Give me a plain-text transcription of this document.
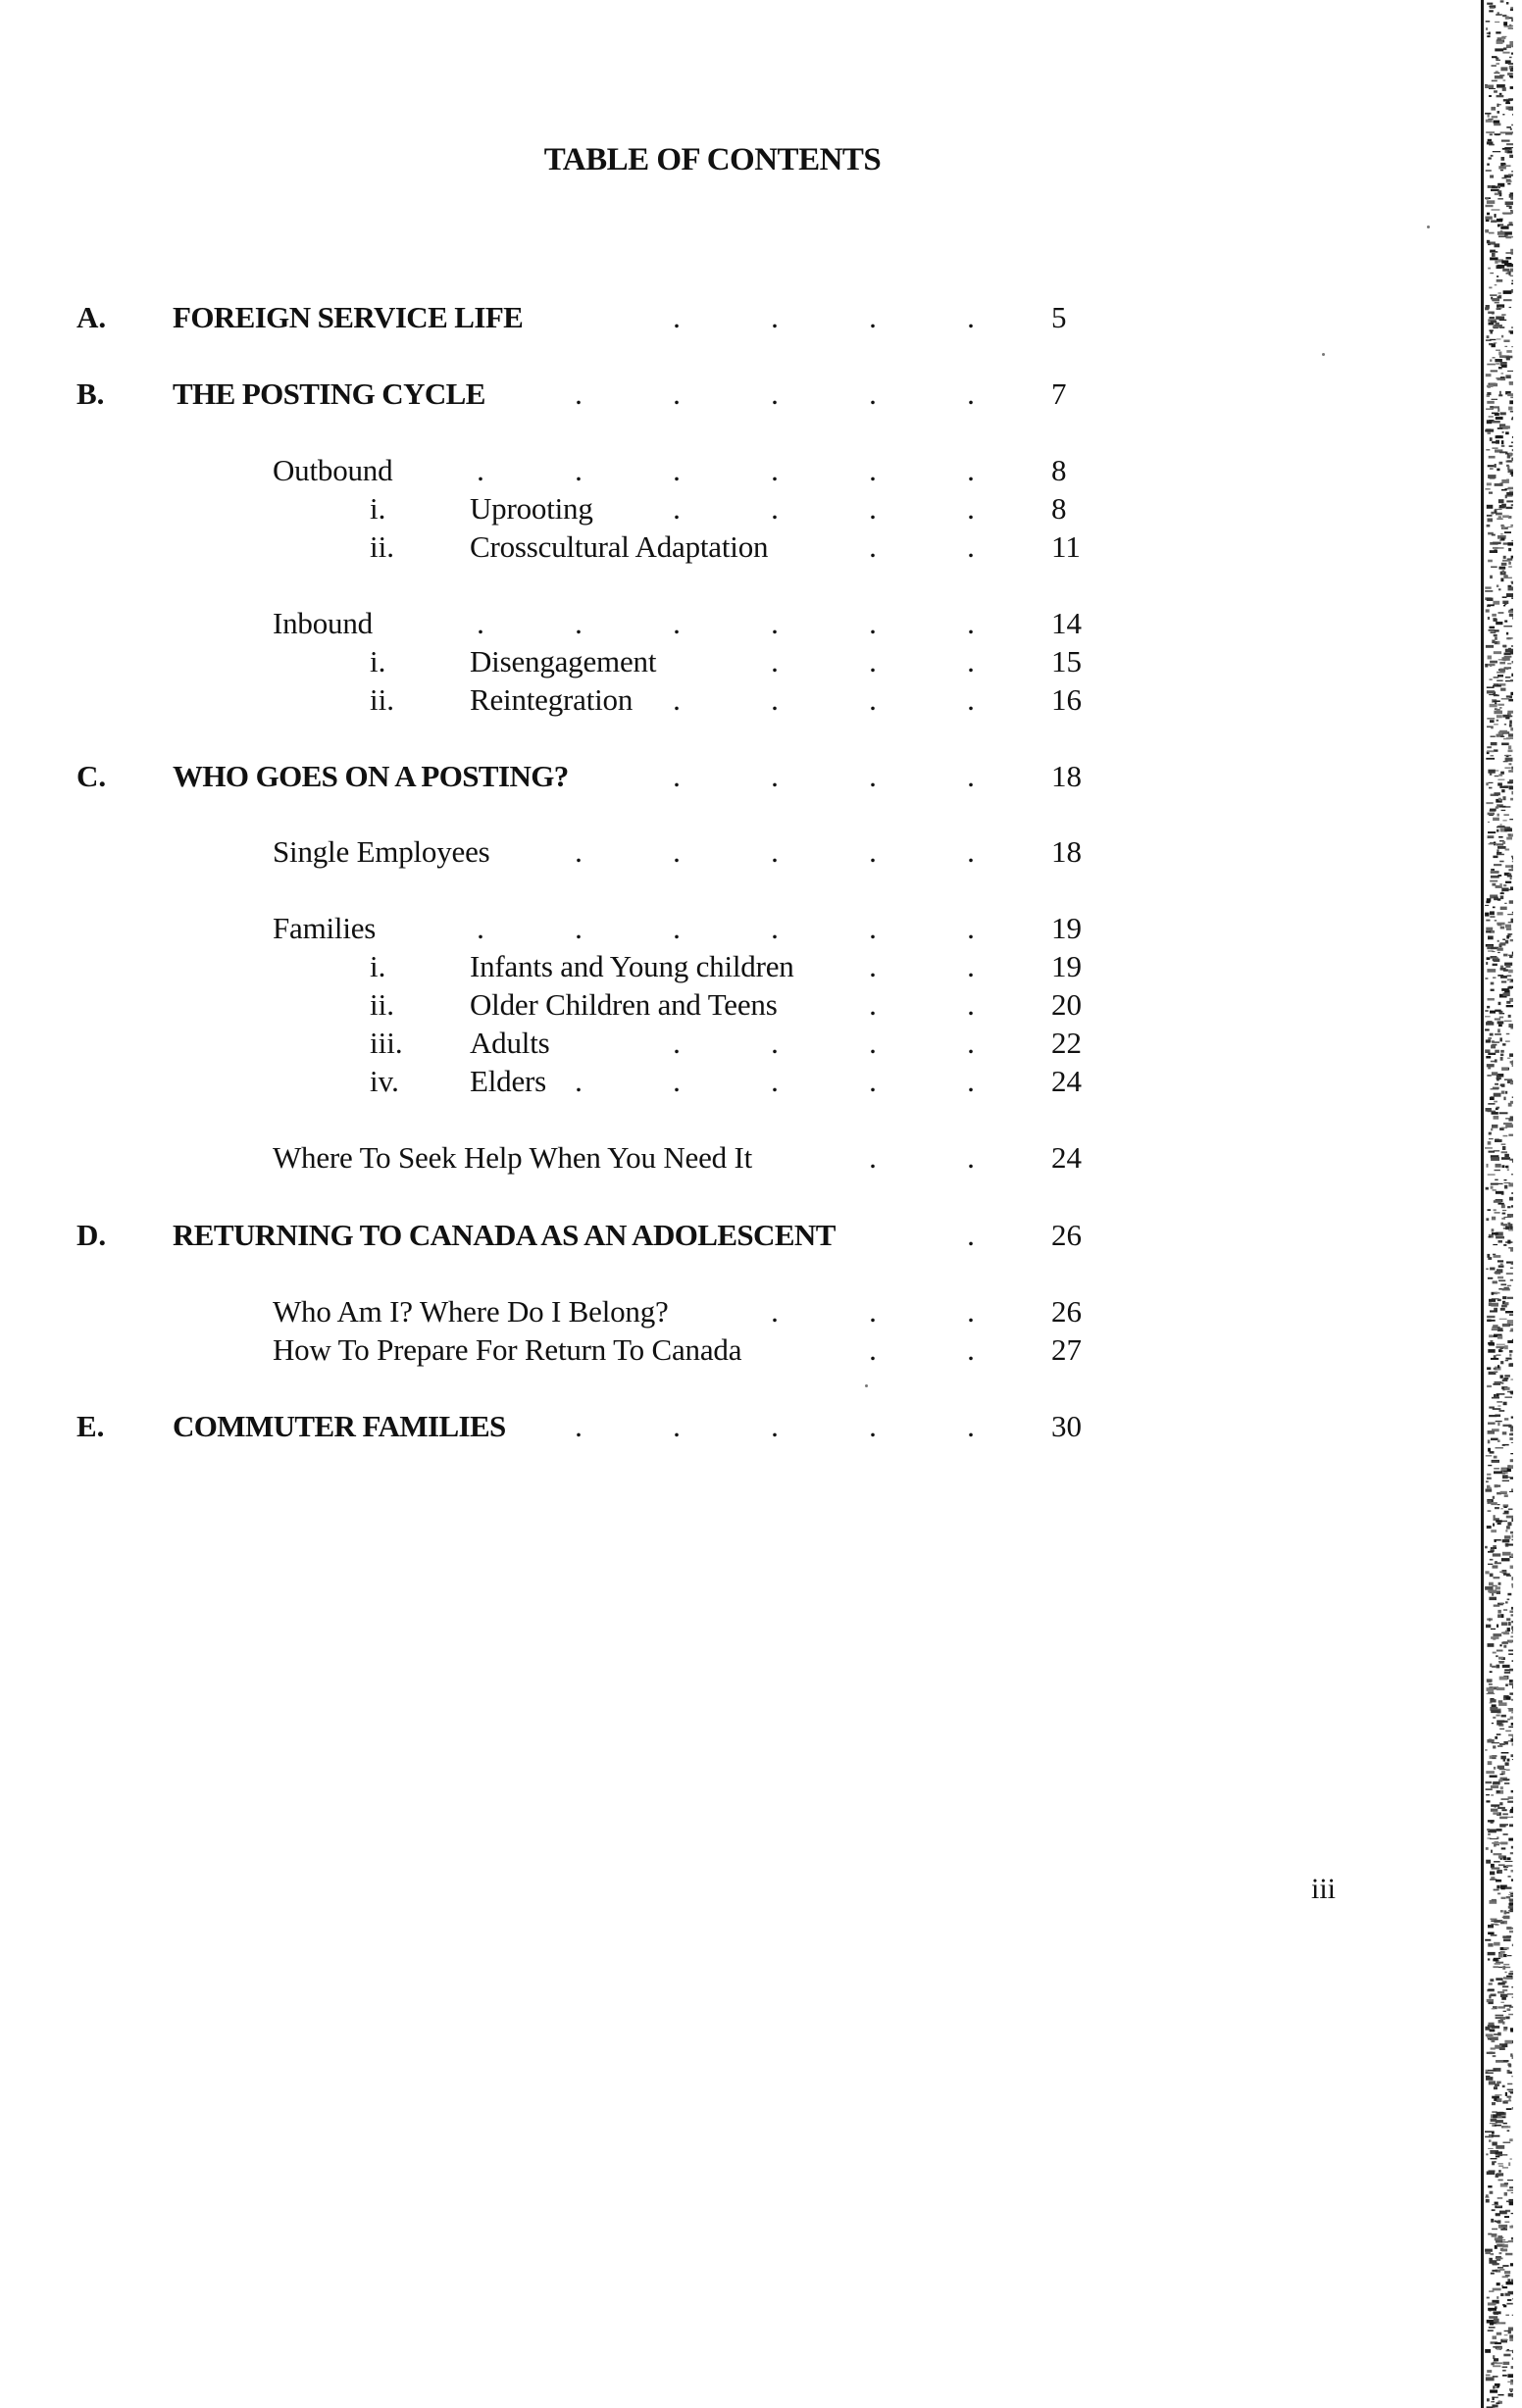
TABLE OF CONTENTS
A. FOREIGN SERVICE LIFE	.	.	.	.	5
B. THE POSTING CYCLE	.	.	.	.	.	7
Outbound	.	.	.	.	.	.	8
i.	Uprooting	.	.	.	.	8
ii. Crosscultural Adaptation	.	.	11
Inbound	.	.	.	.	.	.	14
i.	Disengagement	.	.	.	15
ii. Reintegration .	.	.	.	16
C. WHO GOES ON A POSTING?	.	.	.	.	18
Single Employees	.	.	.	.	.	18
Families	.	.	.	.	.	.	19
i.	Infants and Young children .	.	19
ii. Older Children and Teens	.	.	20
iii. Adults	.	.	.	.	22
iv. Elders .	.	.	.	.	24
Where To Seek Help When You Need It	.	.	24
D. RETURNING TO CANADA AS AN ADOLESCENT	.	26
Who Am I? Where Do I Belong?	.	.	.	26
How To Prepare For Return To Canada	.	.	27
E. COMMUTER FAMILIES .	.	.	.	.	30
iii
